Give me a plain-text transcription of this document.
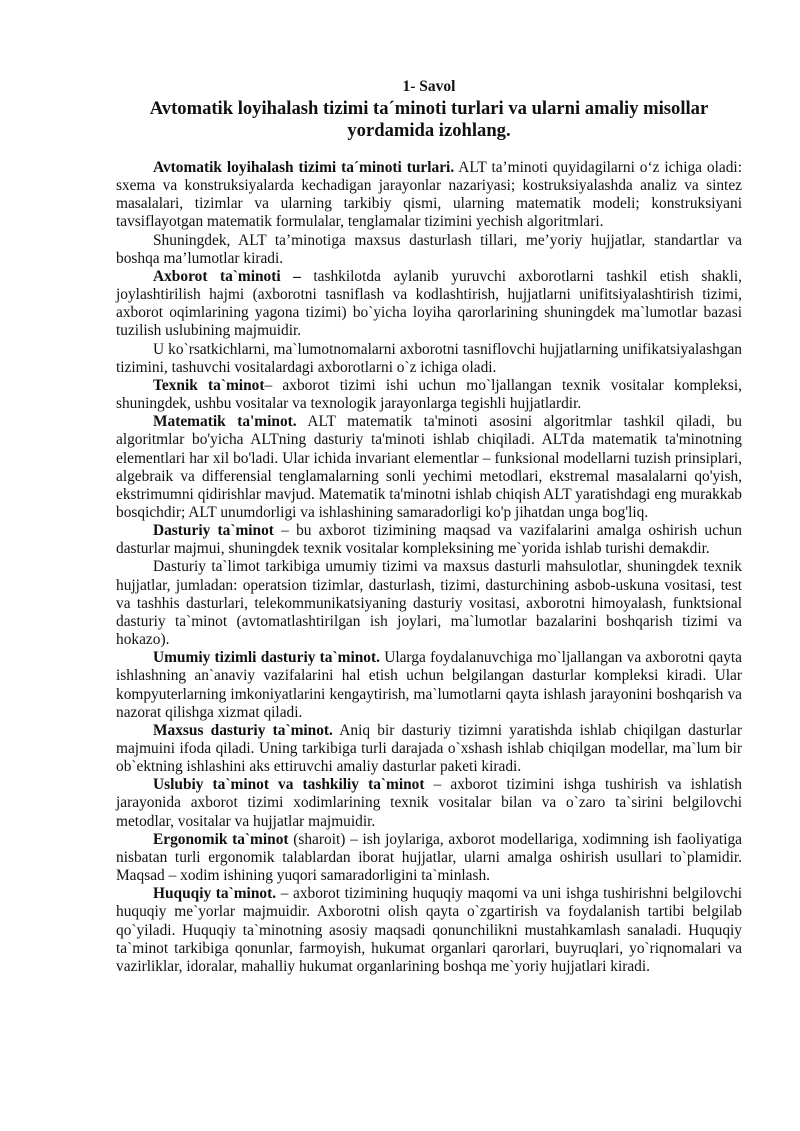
1- Savol

Avtomatik loyihalash tizimi ta´minoti turlari va ularni amaliy misollar yordamida izohlang.

Avtomatik loyihalash tizimi ta´minoti turlari. ALT ta’minoti quyidagilarni o‘z ichiga oladi: sxema va konstruksiyalarda kechadigan jarayonlar nazariyasi; kostruksiyalashda analiz va sintez masalalari, tizimlar va ularning tarkibiy qismi, ularning matematik modeli; konstruksiyani tavsiflayotgan matematik formulalar, tenglamalar tizimini yechish algoritmlari.

Shuningdek, ALT ta’minotiga maxsus dasturlash tillari, me’yoriy hujjatlar, standartlar va boshqa ma’lumotlar kiradi.

Axborot ta`minoti – tashkilotda aylanib yuruvchi axborotlarni tashkil etish shakli, joylashtirilish hajmi (axborotni tasniflash va kodlashtirish, hujjatlarni unifitsiyalashtirish tizimi, axborot oqimlarining yagona tizimi) bo`yicha loyiha qarorlarining shuningdek ma`lumotlar bazasi tuzilish uslubining majmuidir.

U ko`rsatkichlarni, ma`lumotnomalarni axborotni tasniflovchi hujjatlarning unifikatsiyalashgan tizimini, tashuvchi vositalardagi axborotlarni o`z ichiga oladi.

Texnik ta`minot– axborot tizimi ishi uchun mo`ljallangan texnik vositalar kompleksi, shuningdek, ushbu vositalar va texnologik jarayonlarga tegishli hujjatlardir.

Matematik ta'minot. ALT matematik ta'minoti asosini algoritmlar tashkil qiladi, bu algoritmlar bo'yicha ALTning dasturiy ta'minoti ishlab chiqiladi. ALTda matematik ta'minotning elementlari har xil bo'ladi. Ular ichida invariant elementlar – funksional modellarni tuzish prinsiplari, algebraik va differensial tenglamalarning sonli yechimi metodlari, ekstremal masalalarni qo'yish, ekstrimumni qidirishlar mavjud. Matematik ta'minotni ishlab chiqish ALT yaratishdagi eng murakkab bosqichdir; ALT unumdorligi va ishlashining samaradorligi ko'p jihatdan unga bog'liq.

Dasturiy ta`minot – bu axborot tizimining maqsad va vazifalarini amalga oshirish uchun dasturlar majmui, shuningdek texnik vositalar kompleksining me`yorida ishlab turishi demakdir.

Dasturiy ta`limot tarkibiga umumiy tizimi va maxsus dasturli mahsulotlar, shuningdek texnik hujjatlar, jumladan: operatsion tizimlar, dasturlash, tizimi, dasturchining asbob-uskuna vositasi, test va tashhis dasturlari, telekommunikatsiyaning dasturiy vositasi, axborotni himoyalash, funktsional dasturiy ta`minot (avtomatlashtirilgan ish joylari, ma`lumotlar bazalarini boshqarish tizimi va hokazo).

Umumiy tizimli dasturiy ta`minot. Ularga foydalanuvchiga mo`ljallangan va axborotni qayta ishlashning an`anaviy vazifalarini hal etish uchun belgilangan dasturlar kompleksi kiradi. Ular kompyuterlarning imkoniyatlarini kengaytirish, ma`lumotlarni qayta ishlash jarayonini boshqarish va nazorat qilishga xizmat qiladi.

Maxsus dasturiy ta`minot. Aniq bir dasturiy tizimni yaratishda ishlab chiqilgan dasturlar majmuini ifoda qiladi. Uning tarkibiga turli darajada o`xshash ishlab chiqilgan modellar, ma`lum bir ob`ektning ishlashini aks ettiruvchi amaliy dasturlar paketi kiradi.

Uslubiy ta`minot va tashkiliy ta`minot – axborot tizimini ishga tushirish va ishlatish jarayonida axborot tizimi xodimlarining texnik vositalar bilan va o`zaro ta`sirini belgilovchi metodlar, vositalar va hujjatlar majmuidir.

Ergonomik ta`minot (sharoit) – ish joylariga, axborot modellariga, xodimning ish faoliyatiga nisbatan turli ergonomik talablardan iborat hujjatlar, ularni amalga oshirish usullari to`plamidir. Maqsad – xodim ishining yuqori samaradorligini ta`minlash.

Huquqiy ta`minot. – axborot tizimining huquqiy maqomi va uni ishga tushirishni belgilovchi huquqiy me`yorlar majmuidir. Axborotni olish qayta o`zgartirish va foydalanish tartibi belgilab qo`yiladi. Huquqiy ta`minotning asosiy maqsadi qonunchilikni mustahkamlash sanaladi. Huquqiy ta`minot tarkibiga qonunlar, farmoyish, hukumat organlari qarorlari, buyruqlari, yo`riqnomalari va vazirliklar, idoralar, mahalliy hukumat organlarining boshqa me`yoriy hujjatlari kiradi.
